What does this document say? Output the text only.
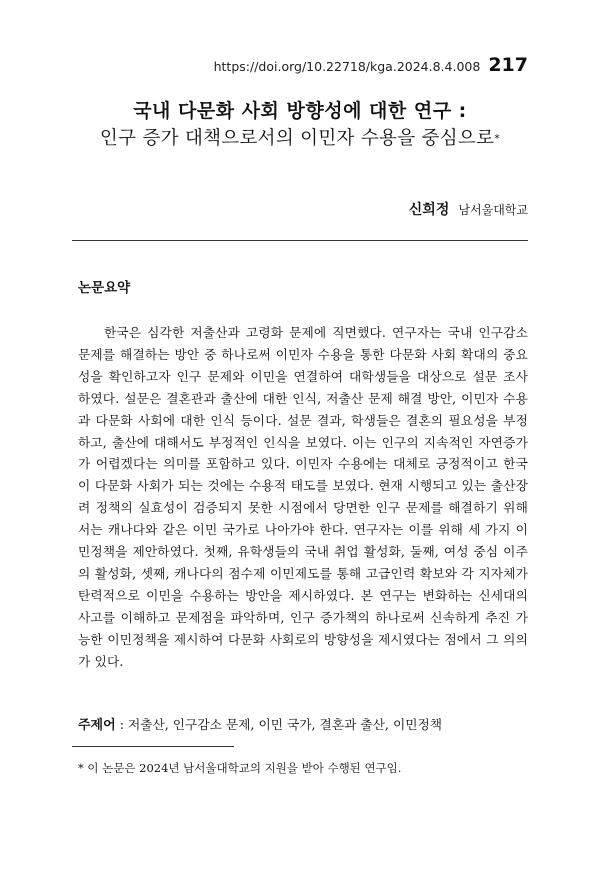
https://doi.org/10.22718/kga.2024.8.4.008 217
국내 다문화 사회 방향성에 대한 연구 :
인구 증가 대책으로서의 이민자 수용을 중심으로*
신희정 남서울대학교
논문요약

한국은 심각한 저출산과 고령화 문제에 직면했다. 연구자는 국내 인구감소 문제를 해결하는 방안 중 하나로써 이민자 수용을 통한 다문화 사회 확대의 중요성을 확인하고자 인구 문제와 이민을 연결하여 대학생들을 대상으로 설문 조사 하였다. 설문은 결혼관과 출산에 대한 인식, 저출산 문제 해결 방안, 이민자 수용과 다문화 사회에 대한 인식 등이다. 설문 결과, 학생들은 결혼의 필요성을 부정하고, 출산에 대해서도 부정적인 인식을 보였다. 이는 인구의 지속적인 자연증가가 어렵겠다는 의미를 포함하고 있다. 이민자 수용에는 대체로 긍정적이고 한국이 다문화 사회가 되는 것에는 수용적 태도를 보였다. 현재 시행되고 있는 출산장려 정책의 실효성이 검증되지 못한 시점에서 당면한 인구 문제를 해결하기 위해서는 캐나다와 같은 이민 국가로 나아가야 한다. 연구자는 이를 위해 세 가지 이민정책을 제안하였다. 첫째, 유학생들의 국내 취업 활성화, 둘째, 여성 중심 이주의 활성화, 셋째, 캐나다의 점수제 이민제도를 통해 고급인력 확보와 각 지자체가 탄력적으로 이민을 수용하는 방안을 제시하였다. 본 연구는 변화하는 신세대의 사고를 이해하고 문제점을 파악하며, 인구 증가책의 하나로써 신속하게 추진 가능한 이민정책을 제시하여 다문화 사회로의 방향성을 제시였다는 점에서 그 의의가 있다.

주제어 : 저출산, 인구감소 문제, 이민 국가, 결혼과 출산, 이민정책
* 이 논문은 2024년 남서울대학교의 지원을 받아 수행된 연구임.
